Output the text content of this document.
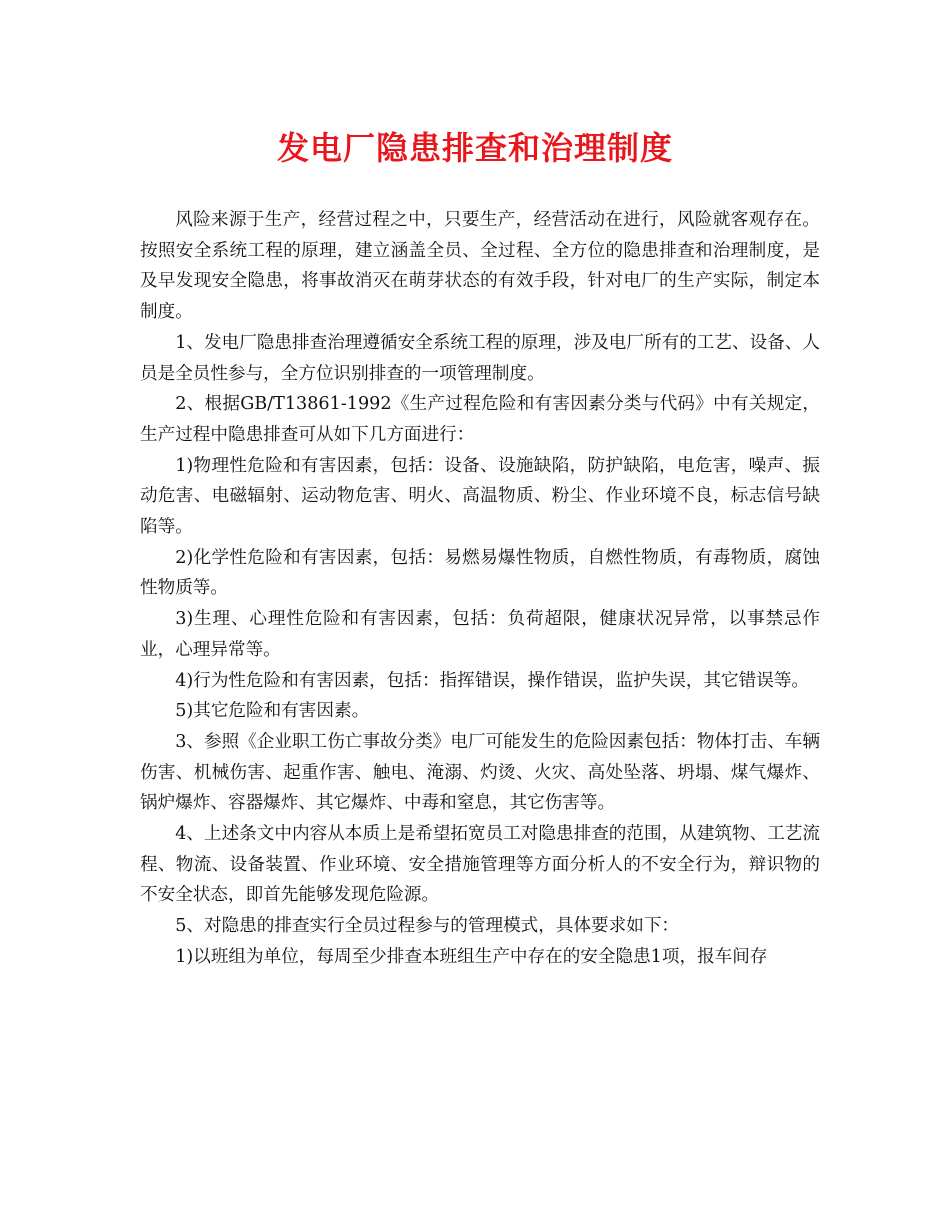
发电厂隐患排查和治理制度

风险来源于生产，经营过程之中，只要生产，经营活动在进行，风险就客观存在。按照安全系统工程的原理，建立涵盖全员、全过程、全方位的隐患排查和治理制度，是及早发现安全隐患，将事故消灭在萌芽状态的有效手段，针对电厂的生产实际，制定本制度。

1、发电厂隐患排查治理遵循安全系统工程的原理，涉及电厂所有的工艺、设备、人员是全员性参与，全方位识别排查的一项管理制度。

2、根据GB/T13861-1992《生产过程危险和有害因素分类与代码》中有关规定，生产过程中隐患排查可从如下几方面进行：

1)物理性危险和有害因素，包括：设备、设施缺陷，防护缺陷，电危害，噪声、振动危害、电磁辐射、运动物危害、明火、高温物质、粉尘、作业环境不良，标志信号缺陷等。

2)化学性危险和有害因素，包括：易燃易爆性物质，自燃性物质，有毒物质，腐蚀性物质等。

3)生理、心理性危险和有害因素，包括：负荷超限，健康状况异常，以事禁忌作业，心理异常等。

4)行为性危险和有害因素，包括：指挥错误，操作错误，监护失误，其它错误等。

5)其它危险和有害因素。

3、参照《企业职工伤亡事故分类》电厂可能发生的危险因素包括：物体打击、车辆伤害、机械伤害、起重作害、触电、淹溺、灼烫、火灾、高处坠落、坍塌、煤气爆炸、锅炉爆炸、容器爆炸、其它爆炸、中毒和窒息，其它伤害等。

4、上述条文中内容从本质上是希望拓宽员工对隐患排查的范围，从建筑物、工艺流程、物流、设备装置、作业环境、安全措施管理等方面分析人的不安全行为，辩识物的不安全状态，即首先能够发现危险源。

5、对隐患的排查实行全员过程参与的管理模式，具体要求如下：

1)以班组为单位，每周至少排查本班组生产中存在的安全隐患1项，报车间存
